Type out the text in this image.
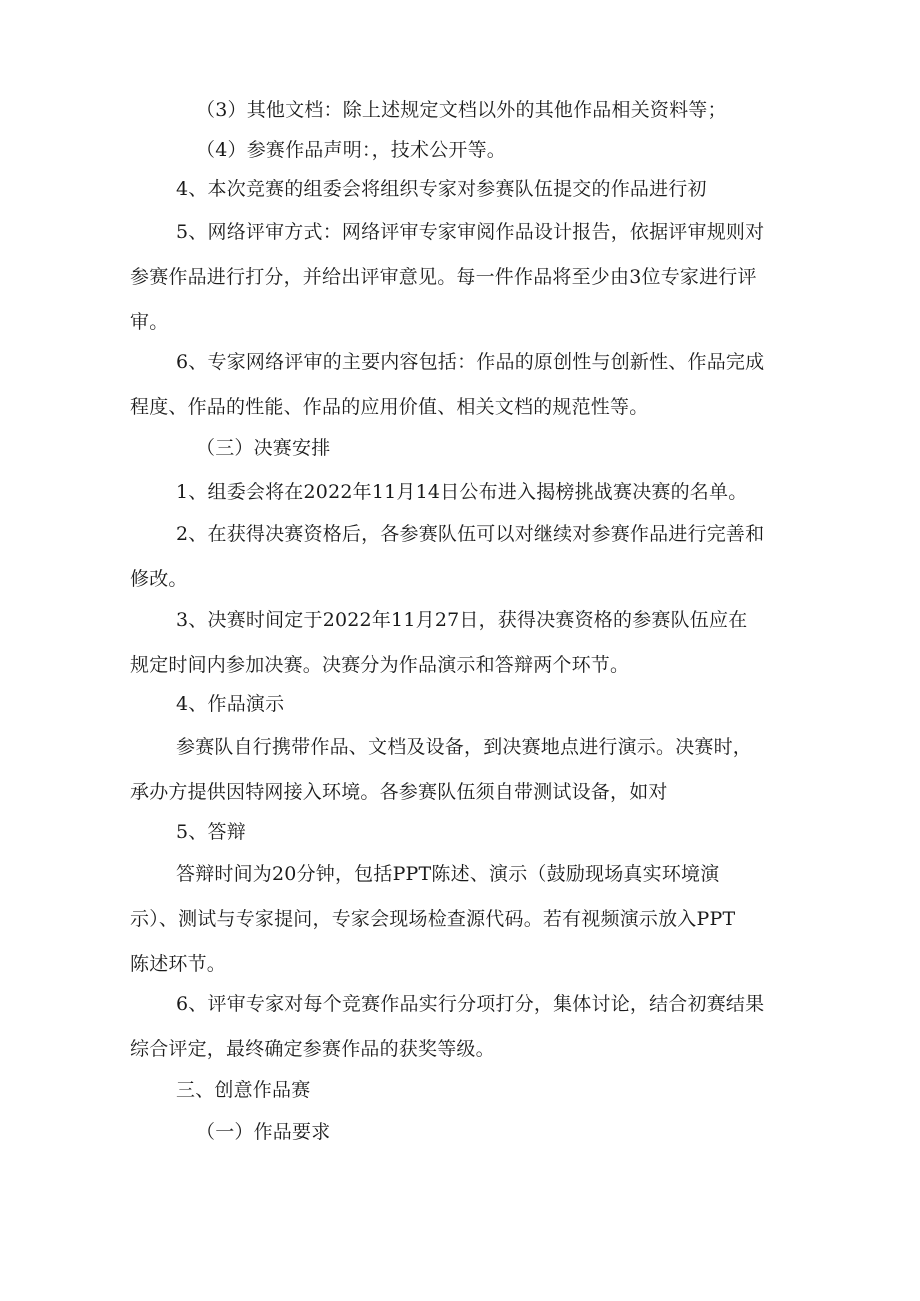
（3）其他文档：除上述规定文档以外的其他作品相关资料等；
（4）参赛作品声明：，技术公开等。
4、本次竞赛的组委会将组织专家对参赛队伍提交的作品进行初
5、网络评审方式：网络评审专家审阅作品设计报告，依据评审规则对
参赛作品进行打分，并给出评审意见。每一件作品将至少由3位专家进行评
审。
6、专家网络评审的主要内容包括：作品的原创性与创新性、作品完成
程度、作品的性能、作品的应用价值、相关文档的规范性等。
（三）决赛安排
1、组委会将在2022年11月14日公布进入揭榜挑战赛决赛的名单。
2、在获得决赛资格后，各参赛队伍可以对继续对参赛作品进行完善和
修改。
3、决赛时间定于2022年11月27日，获得决赛资格的参赛队伍应在
规定时间内参加决赛。决赛分为作品演示和答辩两个环节。
4、作品演示
参赛队自行携带作品、文档及设备，到决赛地点进行演示。决赛时，
承办方提供因特网接入环境。各参赛队伍须自带测试设备，如对
5、答辩
答辩时间为20分钟，包括PPT陈述、演示（鼓励现场真实环境演
示）、测试与专家提问，专家会现场检查源代码。若有视频演示放入PPT
陈述环节。
6、评审专家对每个竞赛作品实行分项打分，集体讨论，结合初赛结果
综合评定，最终确定参赛作品的获奖等级。
三、创意作品赛
（一）作品要求
